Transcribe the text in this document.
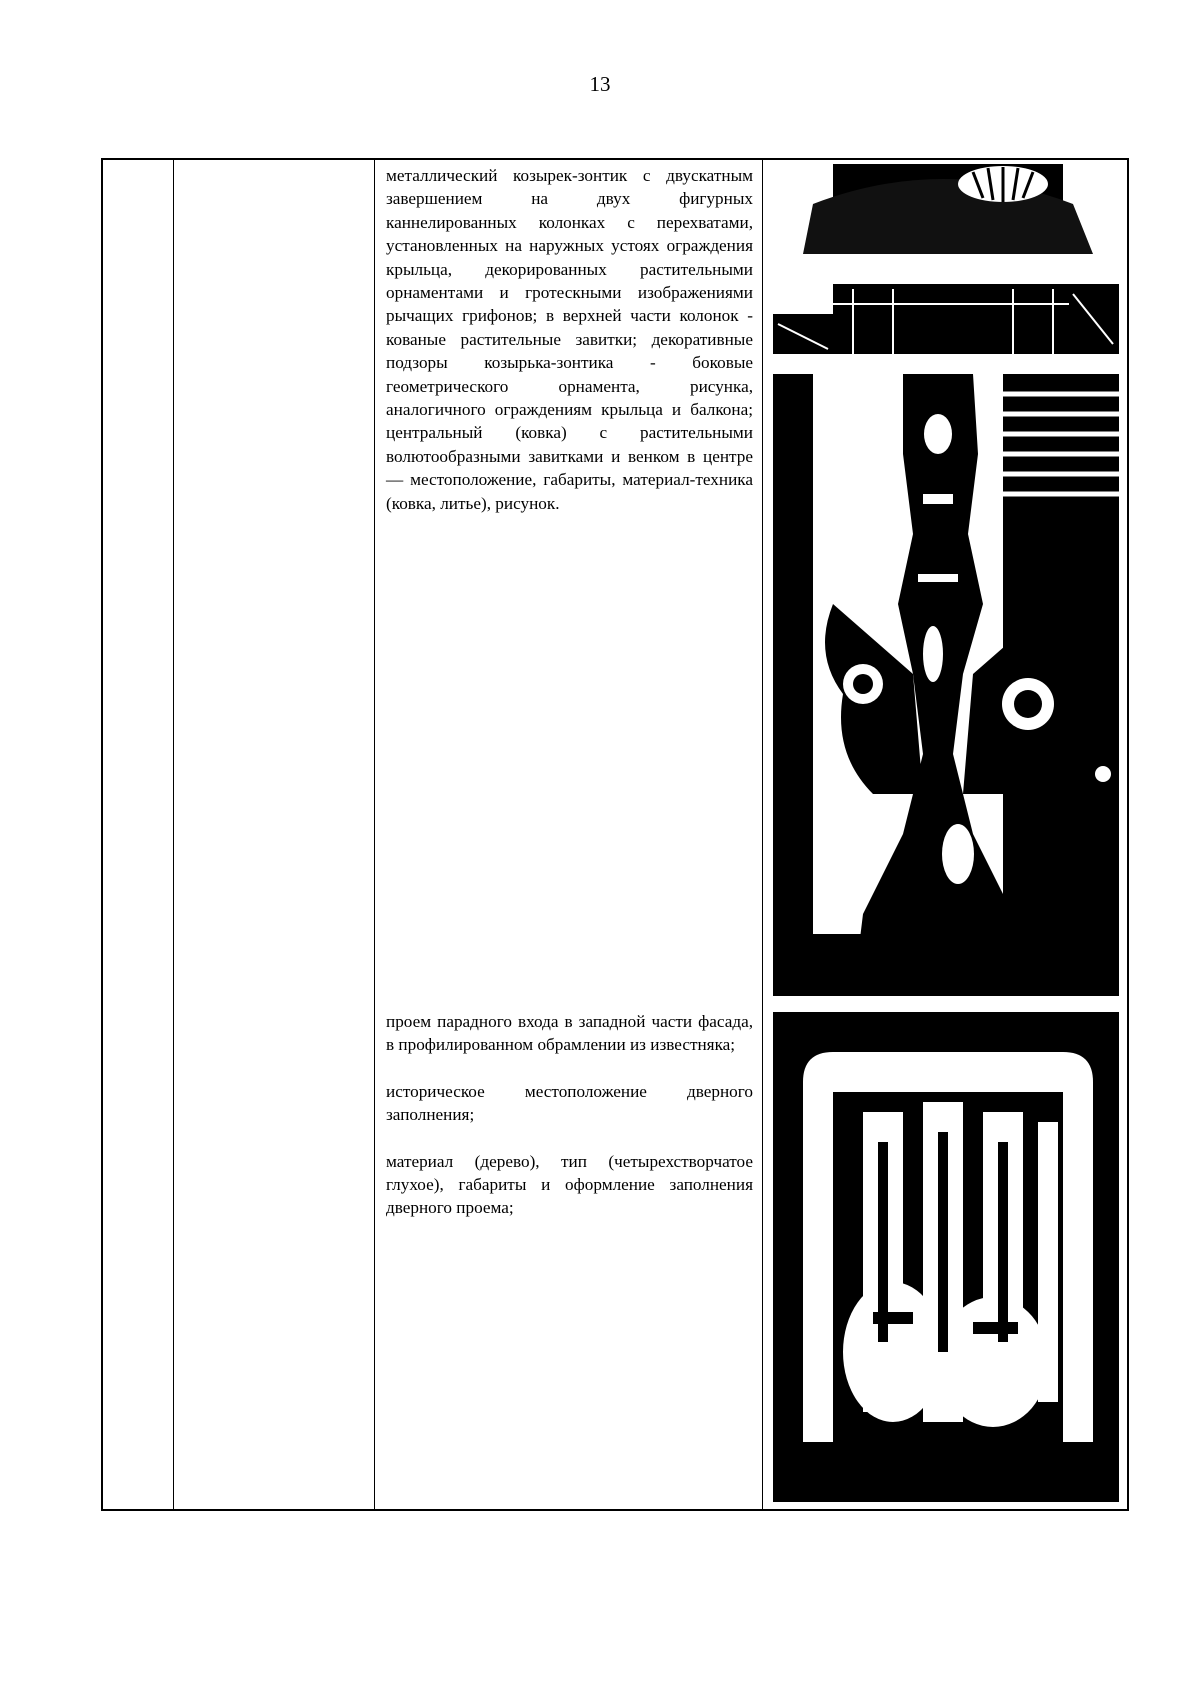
13

металлический козырек-зонтик с двускатным завершением на двух фигурных каннелированных колонках с перехватами, установленных на наружных устоях ограждения крыльца, декорированных растительными орнаментами и гротескными изображениями рычащих грифонов; в верхней части колонок - кованые растительные завитки; декоративные подзоры козырька-зонтика - боковые геометрического орнамента, рисунка, аналогичного ограждениям крыльца и балкона; центральный (ковка) с растительными волютообразными завитками и венком в центре — местоположение, габариты, материал-техника (ковка, литье), рисунок.

проем парадного входа в западной части фасада, в профилированном обрамлении из известняка;

историческое местоположение дверного заполнения;

материал (дерево), тип (четырехстворчатое глухое), габариты и оформление заполнения дверного проема;
